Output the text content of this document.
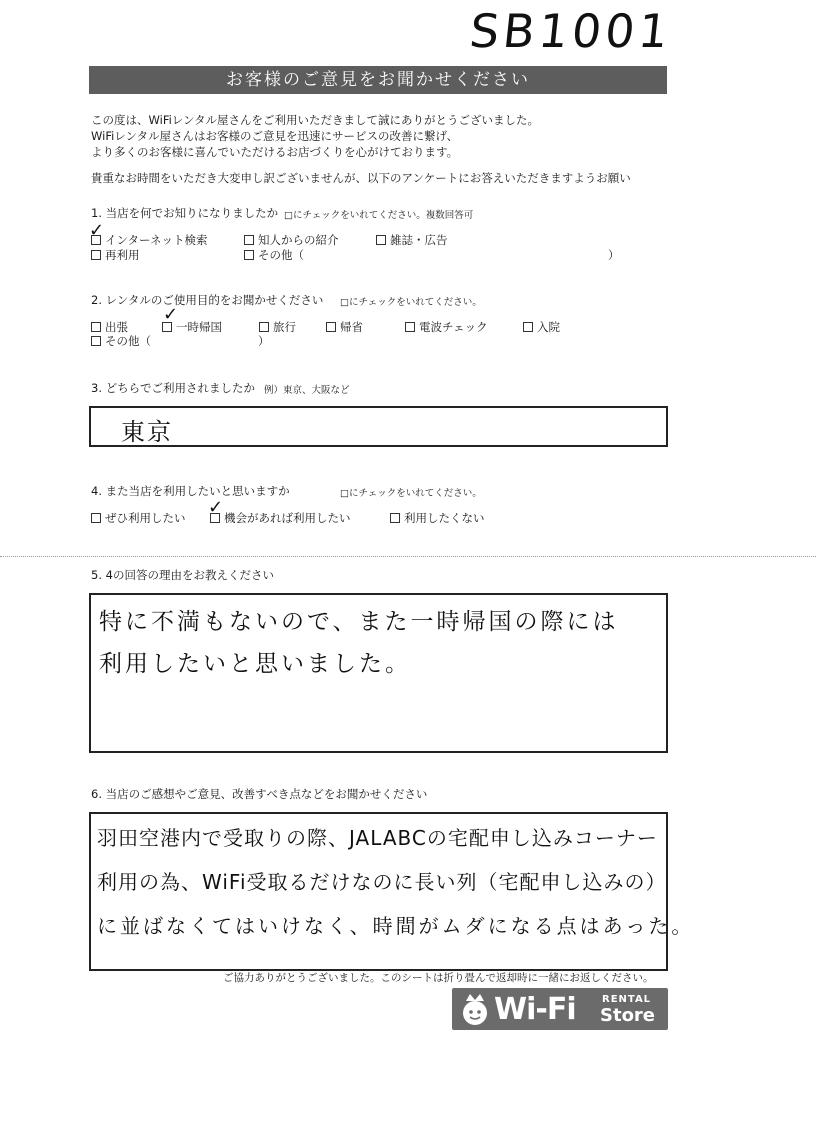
SB1001
お客様のご意見をお聞かせください
この度は、WiFiレンタル屋さんをご利用いただきまして誠にありがとうございました。
WiFiレンタル屋さんはお客様のご意見を迅速にサービスの改善に繋げ、
より多くのお客様に喜んでいただけるお店づくりを心がけております。
貴重なお時間をいただき大変申し訳ございませんが、以下のアンケートにお答えいただきますようお願い
1. 当店を何でお知りになりましたか □にチェックをいれてください。複数回答可
インターネット検索
✓	知人からの紹介	雑誌・広告
再利用	その他（	）
2. レンタルのご使用目的をお聞かせください □にチェックをいれてください。
出張	一時帰国
✓
旅行	帰省	電波チェック	入院
その他（	）
3. どちらでご利用されましたか 例）東京、大阪など
東京
4. また当店を利用したいと思いますか	□にチェックをいれてください。
ぜひ利用したい	機会があれば利用したい
✓	利用したくない
5. 4の回答の理由をお教えください
特に不満もないので、また一時帰国の際には
利用したいと思いました。
6. 当店のご感想やご意見、改善すべき点などをお聞かせください
羽田空港内で受取りの際、JALABCの宅配申し込みコーナー
利用の為、WiFi受取るだけなのに長い列（宅配申し込みの）
に並ばなくてはいけなく、時間がムダになる点はあった。
ご協力ありがとうございました。このシートは折り畳んで返却時に一緒にお返しください。
Wi-Fi	RENTAL
Store
